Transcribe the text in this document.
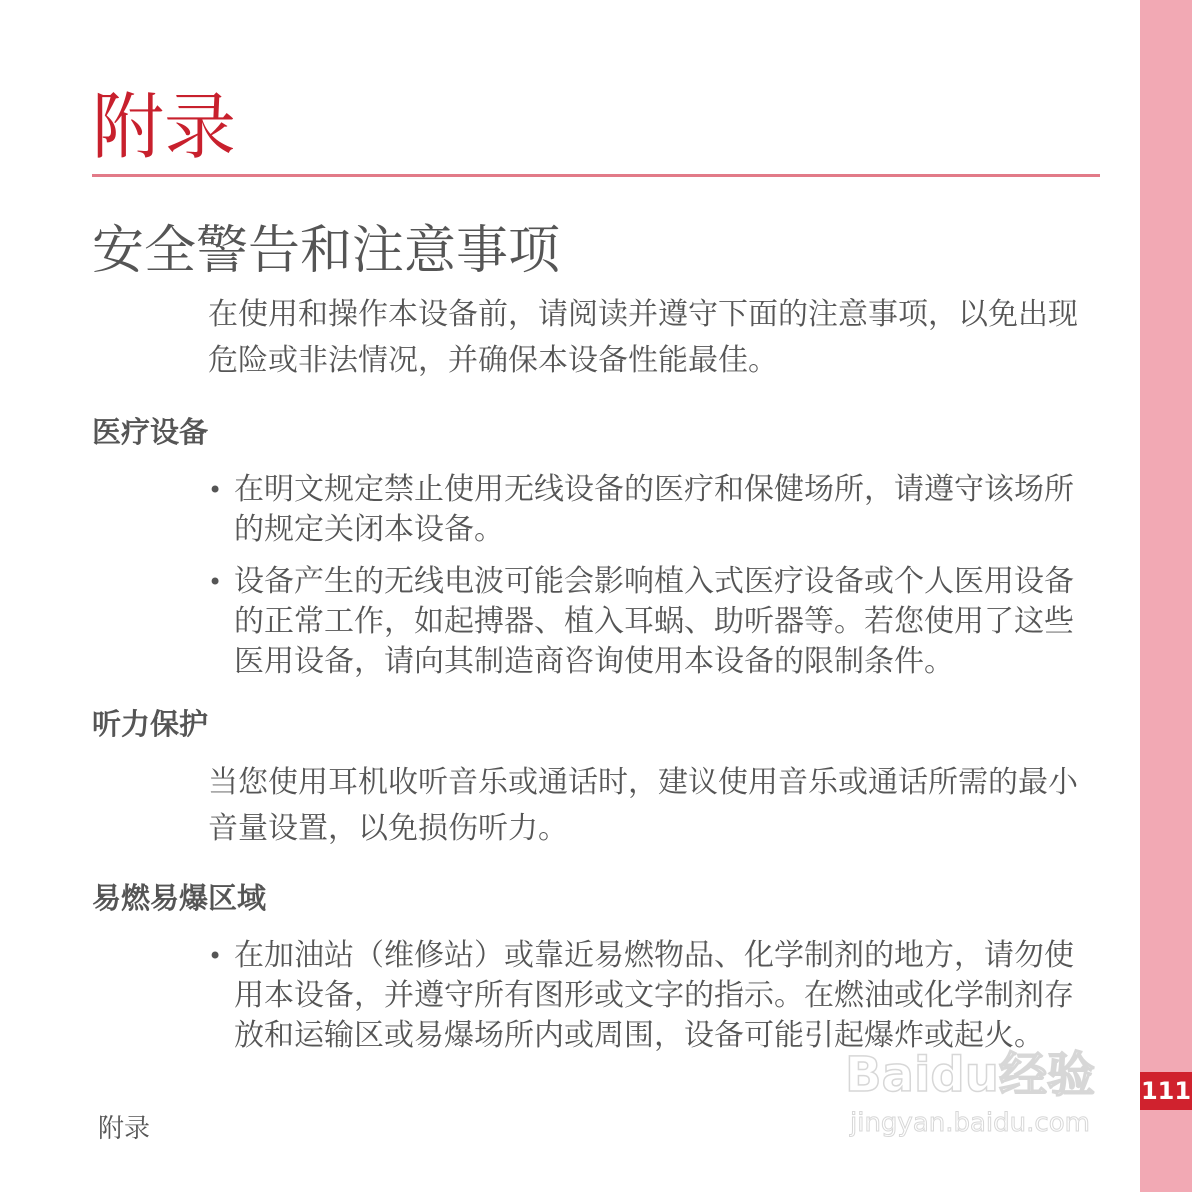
111
附录
安全警告和注意事项

在使用和操作本设备前，请阅读并遵守下面的注意事项，以免出现危险或非法情况，并确保本设备性能最佳。

医疗设备
• 在明文规定禁止使用无线设备的医疗和保健场所，请遵守该场所的规定关闭本设备。
• 设备产生的无线电波可能会影响植入式医疗设备或个人医用设备的正常工作，如起搏器、植入耳蜗、助听器等。若您使用了这些医用设备，请向其制造商咨询使用本设备的限制条件。
听力保护

当您使用耳机收听音乐或通话时，建议使用音乐或通话所需的最小音量设置，以免损伤听力。

易燃易爆区域
• 在加油站（维修站）或靠近易燃物品、化学制剂的地方，请勿使用本设备，并遵守所有图形或文字的指示。在燃油或化学制剂存放和运输区或易爆场所内或周围，设备可能引起爆炸或起火。
附录
Baidu经验
jingyan.baidu.com
